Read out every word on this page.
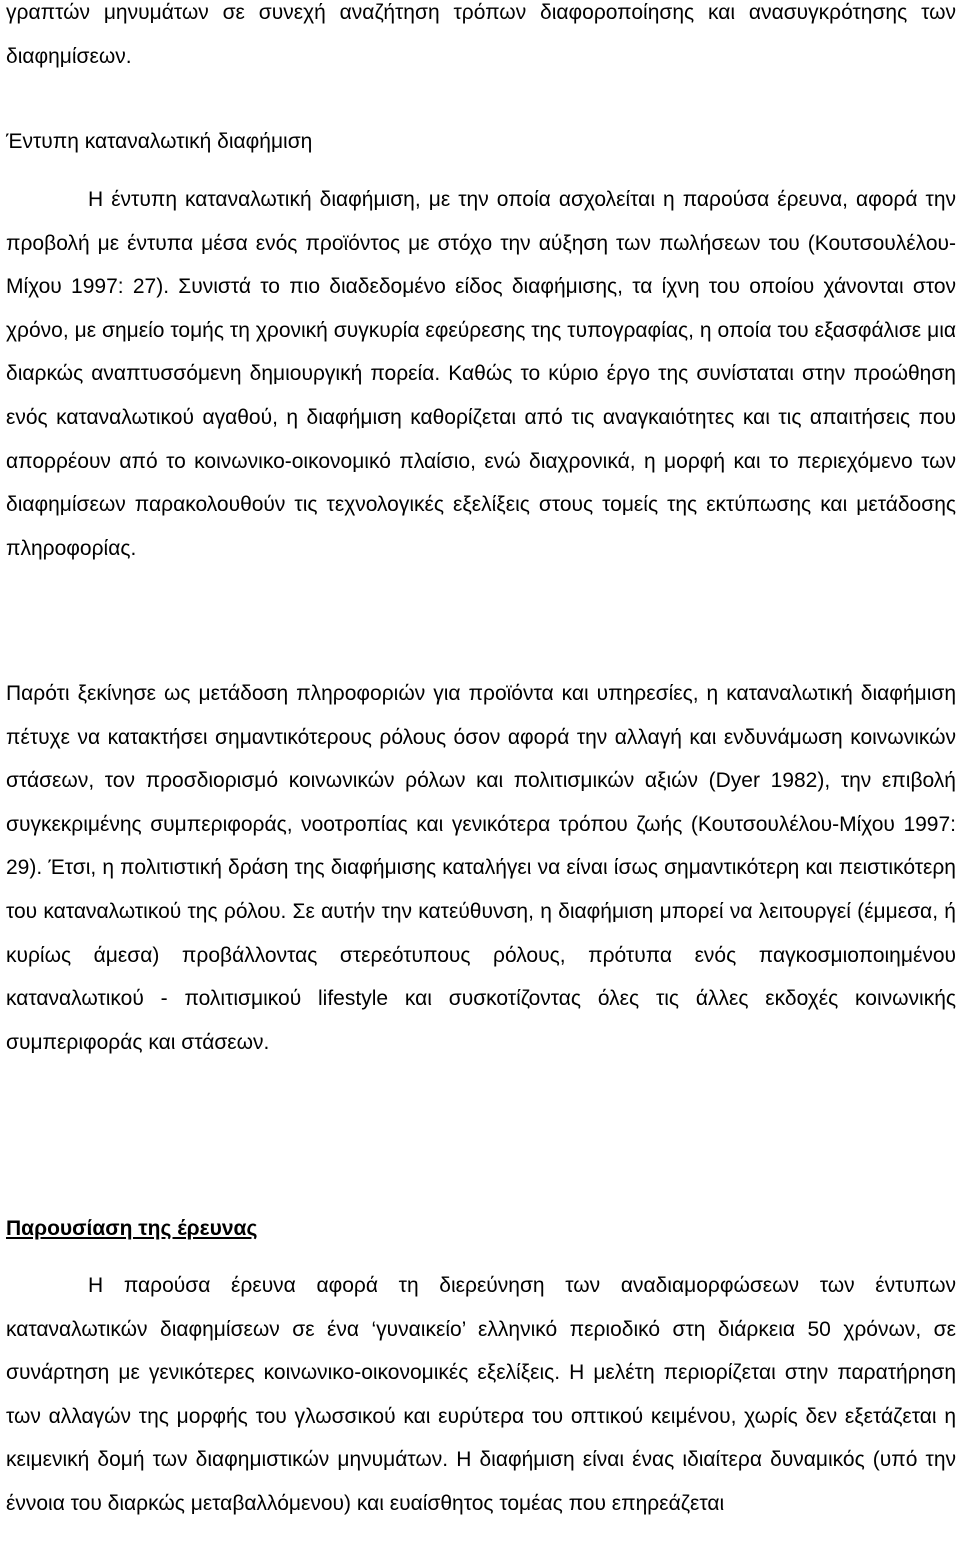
γραπτών μηνυμάτων σε συνεχή αναζήτηση τρόπων διαφοροποίησης και ανασυγκρότησης των διαφημίσεων.

Έντυπη καταναλωτική διαφήμιση

Η έντυπη καταναλωτική διαφήμιση, με την οποία ασχολείται η παρούσα έρευνα, αφορά την προβολή με έντυπα μέσα ενός προϊόντος με στόχο την αύξηση των πωλήσεων του (Κουτσουλέλου-Μίχου 1997: 27). Συνιστά το πιο διαδεδομένο είδος διαφήμισης, τα ίχνη του οποίου χάνονται στον χρόνο, με σημείο τομής τη χρονική συγκυρία εφεύρεσης της τυπογραφίας, η οποία του εξασφάλισε μια διαρκώς αναπτυσσόμενη δημιουργική πορεία. Καθώς το κύριο έργο της συνίσταται στην προώθηση ενός καταναλωτικού αγαθού, η διαφήμιση καθορίζεται από τις αναγκαιότητες και τις απαιτήσεις που απορρέουν από το κοινωνικο-οικονομικό πλαίσιο, ενώ διαχρονικά, η μορφή και το περιεχόμενο των διαφημίσεων παρακολουθούν τις τεχνολογικές εξελίξεις στους τομείς της εκτύπωσης και μετάδοσης πληροφορίας.

Παρότι ξεκίνησε ως μετάδοση πληροφοριών για προϊόντα και υπηρεσίες, η καταναλωτική διαφήμιση πέτυχε να κατακτήσει σημαντικότερους ρόλους όσον αφορά την αλλαγή και ενδυνάμωση κοινωνικών στάσεων, τον προσδιορισμό κοινωνικών ρόλων και πολιτισμικών αξιών (Dyer 1982), την επιβολή συγκεκριμένης συμπεριφοράς, νοοτροπίας και γενικότερα τρόπου ζωής (Κουτσουλέλου-Μίχου 1997: 29). Έτσι, η πολιτιστική δράση της διαφήμισης καταλήγει να είναι ίσως σημαντικότερη και πειστικότερη του καταναλωτικού της ρόλου. Σε αυτήν την κατεύθυνση, η διαφήμιση μπορεί να λειτουργεί (έμμεσα, ή κυρίως άμεσα) προβάλλοντας στερεότυπους ρόλους, πρότυπα ενός παγκοσμιοποιημένου καταναλωτικού - πολιτισμικού lifestyle και συσκοτίζοντας όλες τις άλλες εκδοχές κοινωνικής συμπεριφοράς και στάσεων.

Παρουσίαση της έρευνας

Η παρούσα έρευνα αφορά τη διερεύνηση των αναδιαμορφώσεων των έντυπων καταναλωτικών διαφημίσεων σε ένα ‘γυναικείο’ ελληνικό περιοδικό στη διάρκεια 50 χρόνων, σε συνάρτηση με γενικότερες κοινωνικο-οικονομικές εξελίξεις. Η μελέτη περιορίζεται στην παρατήρηση των αλλαγών της μορφής του γλωσσικού και ευρύτερα του οπτικού κειμένου, χωρίς δεν εξετάζεται η κειμενική δομή των διαφημιστικών μηνυμάτων. Η διαφήμιση είναι ένας ιδιαίτερα δυναμικός (υπό την έννοια του διαρκώς μεταβαλλόμενου) και ευαίσθητος τομέας που επηρεάζεται
